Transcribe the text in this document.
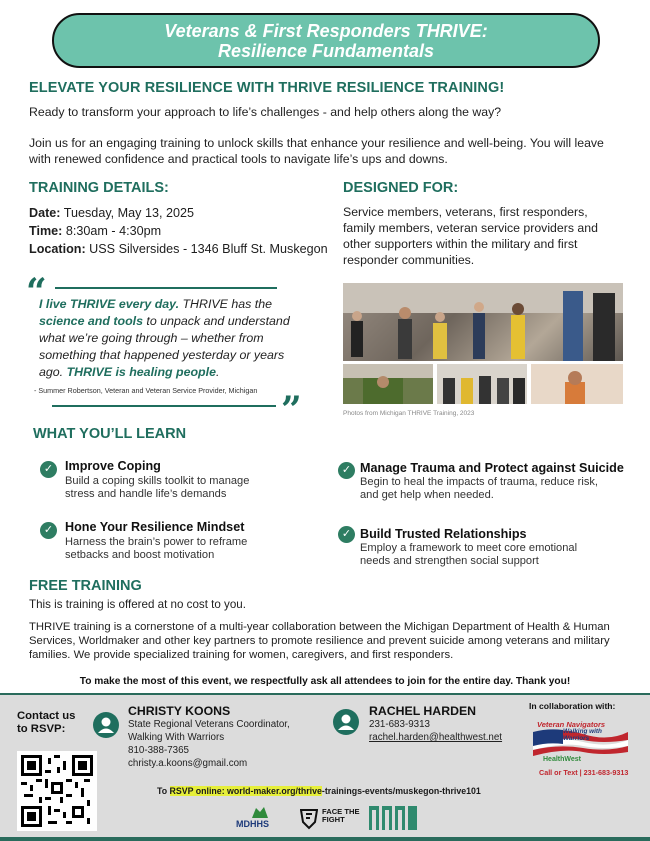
Veterans & First Responders THRIVE:
Resilience Fundamentals
ELEVATE YOUR RESILIENCE WITH THRIVE RESILIENCE TRAINING!
Ready to transform your approach to life’s challenges - and help others along the way?
Join us for an engaging training to unlock skills that enhance your resilience and well-being. You will leave with renewed confidence and practical tools to navigate life’s ups and downs.
TRAINING DETAILS:
Date: Tuesday, May 13, 2025
Time: 8:30am - 4:30pm
Location: USS Silversides - 1346 Bluff St. Muskegon
DESIGNED FOR:
Service members, veterans, first responders, family members, veteran service providers and other supporters within the military and first responder communities.
“
I live THRIVE every day. THRIVE has the science and tools to unpack and understand what we’re going through – whether from something that happened yesterday or years ago. THRIVE is healing people.
- Summer Robertson, Veteran and Veteran Service Provider, Michigan ”	Photos from Michigan THRIVE Training, 2023
WHAT YOU’LL LEARN
✓ Improve Coping
Build a coping skills toolkit to manage stress and handle life’s demands
✓ Hone Your Resilience Mindset
Harness the brain’s power to reframe setbacks and boost motivation
✓ Manage Trauma and Protect against Suicide
Begin to heal the impacts of trauma, reduce risk, and get help when needed.
✓ Build Trusted Relationships
Employ a framework to meet core emotional needs and strengthen social support
FREE TRAINING
This is training is offered at no cost to you.
THRIVE training is a cornerstone of a multi-year collaboration between the Michigan Department of Health & Human Services, Worldmaker and other key partners to promote resilience and prevent suicide among veterans and military families. We provide specialized training for women, caregivers, and first responders.
To make the most of this event, we respectfully ask all attendees to join for the entire day. Thank you!
Contact us to RSVP:
CHRISTY KOONS
State Regional Veterans Coordinator,
Walking With Warriors
810-388-7365
christy.a.koons@gmail.com
RACHEL HARDEN
231-683-9313
rachel.harden@healthwest.net
In collaboration with:
Veteran Navigators
Walking with Warriors
HealthWest
Call or Text | 231-683-9313
To RSVP online: world-maker.org/thrive-trainings-events/muskegon-thrive101
MDHHS
FACE THE FIGHT
